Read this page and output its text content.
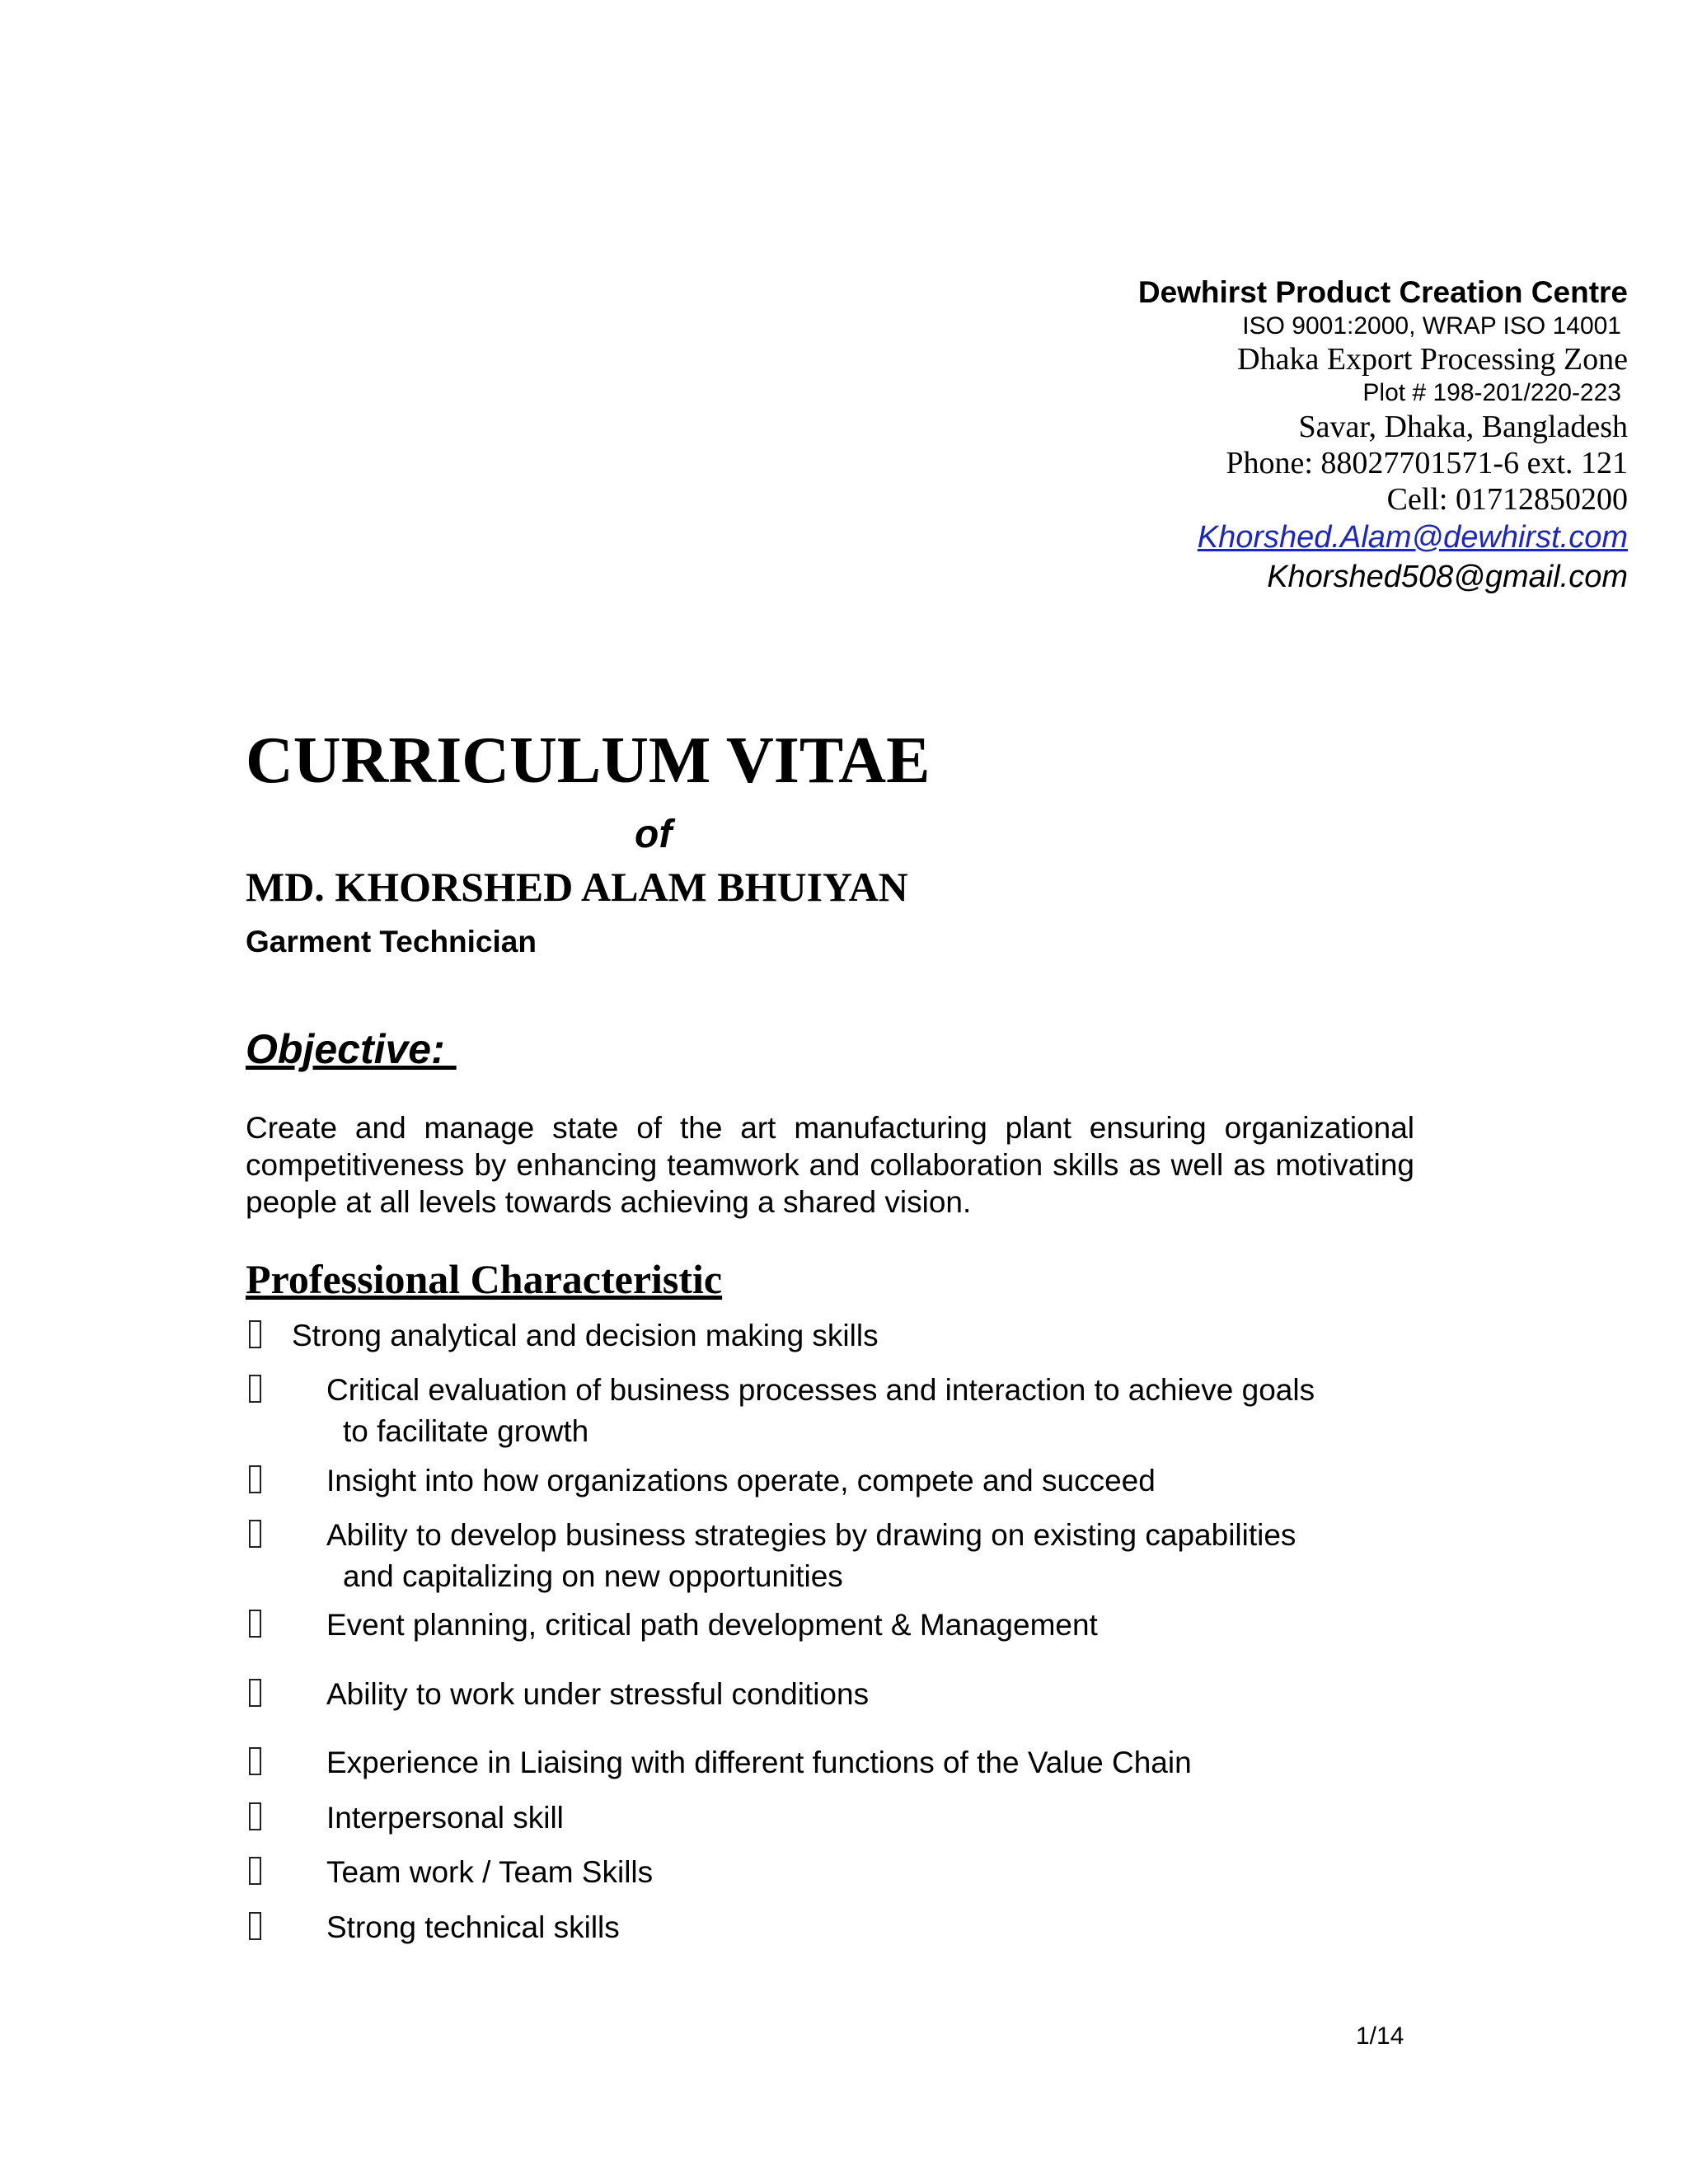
Dewhirst Product Creation Centre
ISO 9001:2000, WRAP ISO 14001
Dhaka Export Processing Zone
Plot # 198-201/220-223
Savar, Dhaka, Bangladesh
Phone: 88027701571-6 ext. 121
Cell: 01712850200
Khorshed.Alam@dewhirst.com
Khorshed508@gmail.com
CURRICULUM VITAE
of
MD. KHORSHED ALAM BHUIYAN
Garment Technician
Objective:
Create and manage state of the art manufacturing plant ensuring organizational competitiveness by enhancing teamwork and collaboration skills as well as motivating people at all levels towards achieving a shared vision.
Professional Characteristic
Strong analytical and decision making skills
Critical evaluation of business processes and interaction to achieve goals
to facilitate growth
Insight into how organizations operate, compete and succeed
Ability to develop business strategies by drawing on existing capabilities
and capitalizing on new opportunities
Event planning, critical path development & Management
Ability to work under stressful conditions
Experience in Liaising with different functions of the Value Chain
Interpersonal skill
Team work / Team Skills
Strong technical skills
1/14
